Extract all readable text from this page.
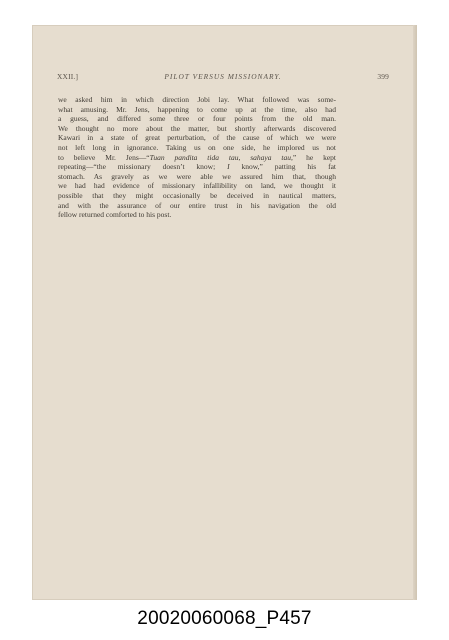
XXII.]	PILOT VERSUS MISSIONARY.	399
we asked him in which direction Jobi lay. What followed was some-
what amusing. Mr. Jens, happening to come up at the time, also had
a guess, and differed some three or four points from the old man.
We thought no more about the matter, but shortly afterwards discovered
Kawari in a state of great perturbation, of the cause of which we were
not left long in ignorance. Taking us on one side, he implored us not
to believe Mr. Jens—“Tuan pandita tida tau, sahaya tau,” he kept
repeating—“the missionary doesn’t know; I know,” patting his fat
stomach. As gravely as we were able we assured him that, though
we had had evidence of missionary infallibility on land, we thought it
possible that they might occasionally be deceived in nautical matters,
and with the assurance of our entire trust in his navigation the old
fellow returned comforted to his post.
20020060068_P457
